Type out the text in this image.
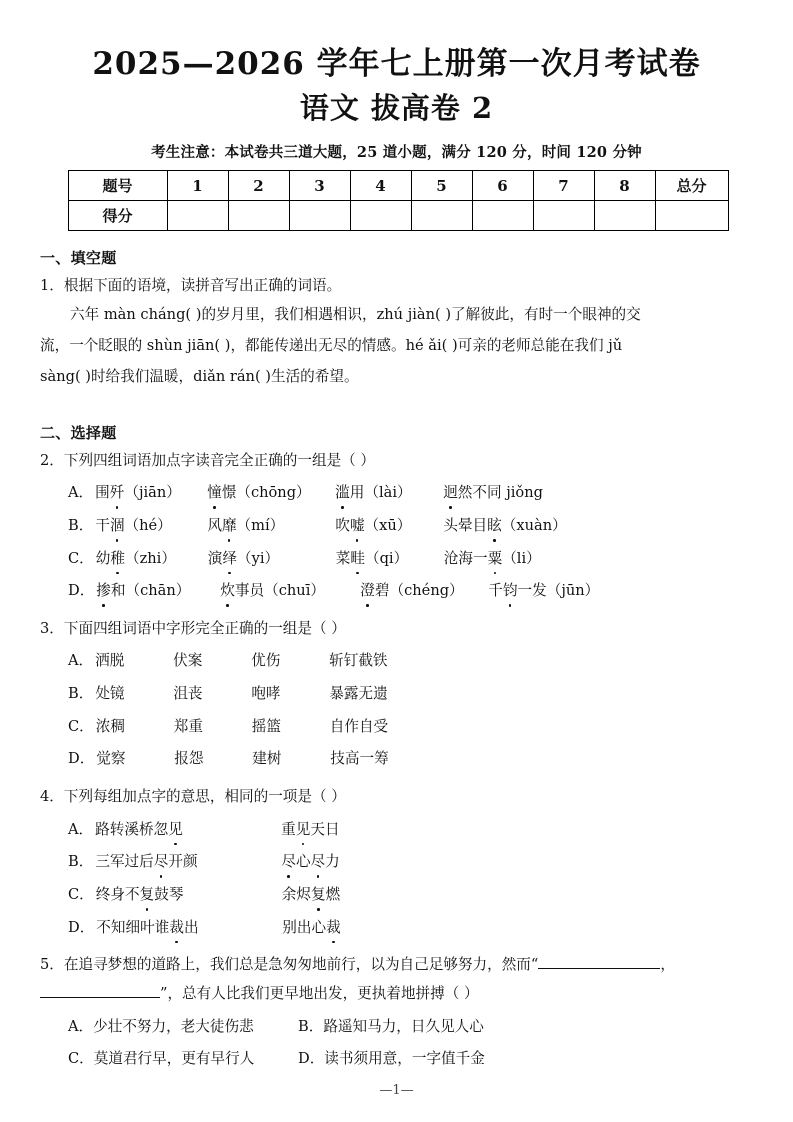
2025—2026 学年七上册第一次月考试卷
语文 拔高卷 2
考生注意：本试卷共三道大题，25 道小题，满分 120 分，时间 120 分钟
题号	1	2	3	4	5	6	7	8	总分
得分									
一、填空题
1．根据下面的语境，读拼音写出正确的词语。
六年 màn cháng( )的岁月里，我们相遇相识，zhú jiàn( )了解彼此，有时一个眼神的交
流，一个眨眼的 shùn jiān( )，都能传递出无尽的情感。hé ǎi( )可亲的老师总能在我们 jǔ
sàng( )时给我们温暖，diǎn rán( )生活的希望。
二、选择题
2．下列四组词语加点字读音完全正确的一组是（ ）
A． 围歼（jiān）	憧憬（chōng）	滥用（lài）	迥然不同 jiǒng
B． 干涸（hé）	风靡（mí）	吹嘘（xū）	头晕目眩（xuàn）
C． 幼稚（zhi）	演绎（yi）	菜畦（qi）	沧海一粟（li）
D． 掺和（chān）	炊事员（chuī）	澄碧（chéng）	千钧一发（jūn）
3．下面四组词语中字形完全正确的一组是（ ）
A． 洒脱	伏案	优伤	斩钉截铁
B． 处镜	沮丧	咆哮	暴露无遗
C． 浓稠	郑重	摇篮	自作自受
D． 觉察	报怨	建树	技高一筹
4．下列每组加点字的意思，相同的一项是（ ）
A． 路转溪桥忽见	重见天日
B． 三军过后尽开颜	尽心尽力
C． 终身不复鼓琴	余烬复燃
D． 不知细叶谁裁出	别出心裁
5．在追寻梦想的道路上，我们总是急匆匆地前行，以为自己足够努力，然而“	，
”，总有人比我们更早地出发，更执着地拼搏（ ）
A．少壮不努力，老大徒伤悲	B．路遥知马力，日久见人心
C．莫道君行早，更有早行人	D．读书须用意，一字值千金
—1—
